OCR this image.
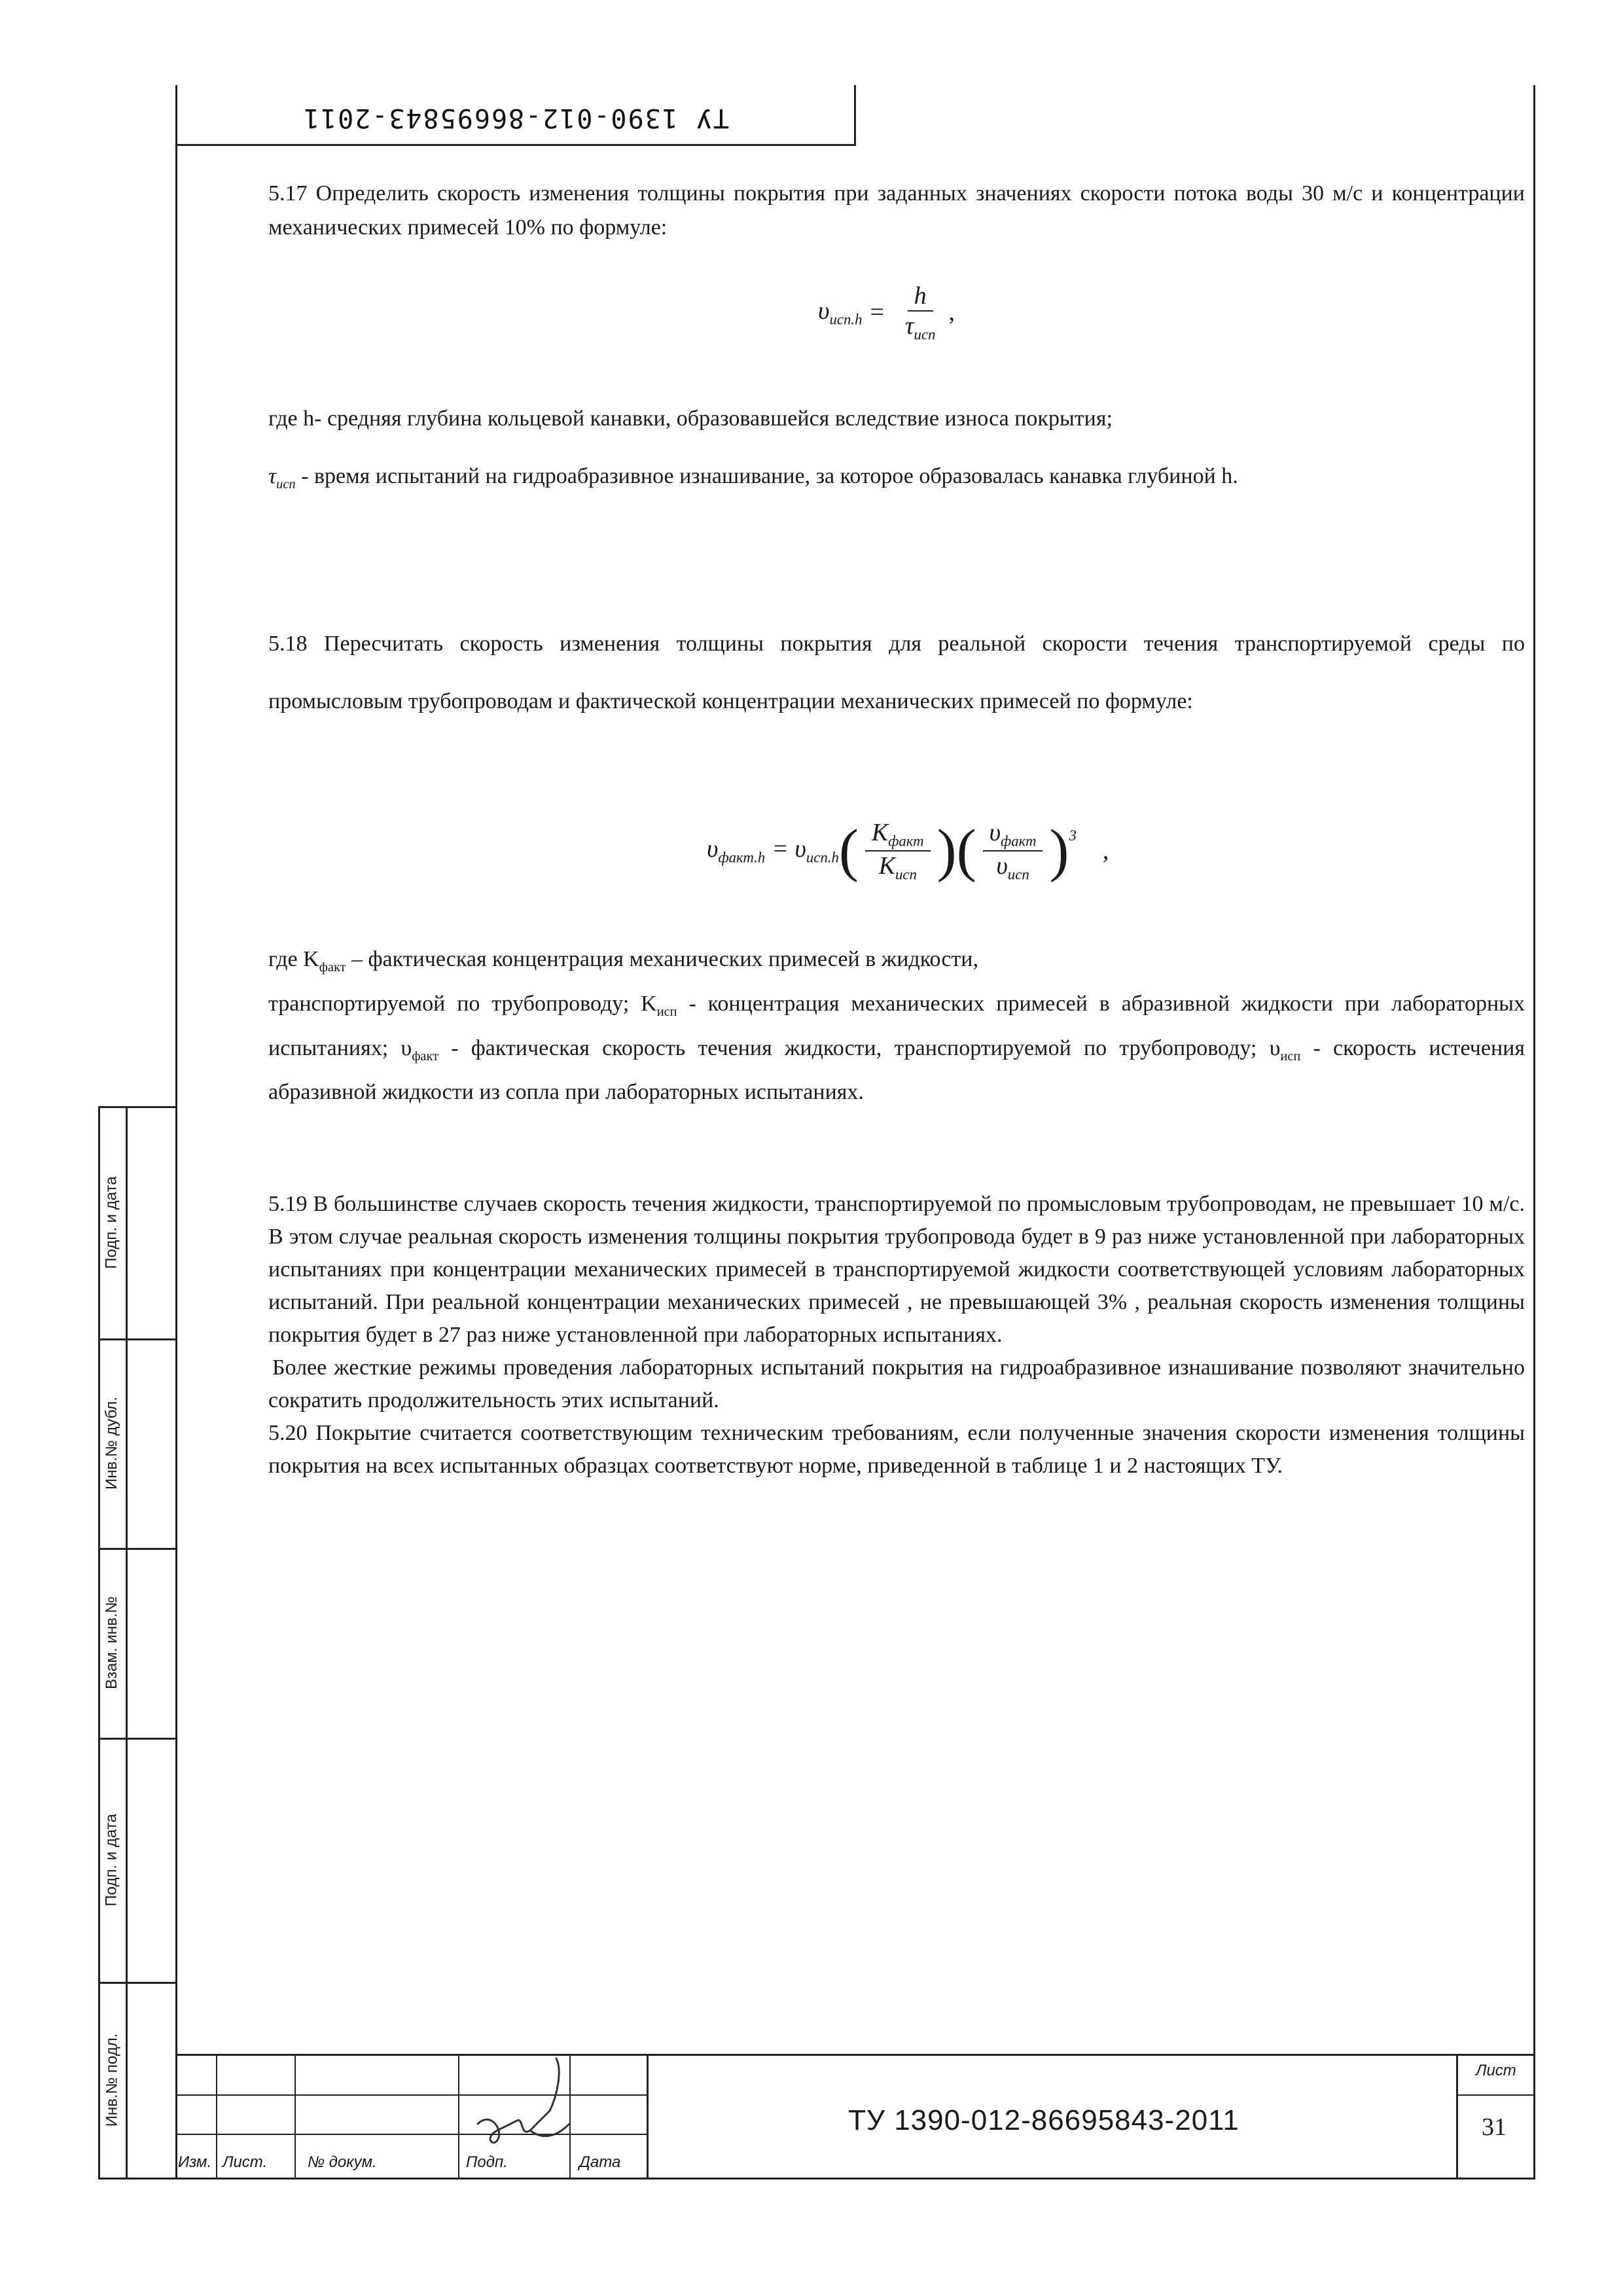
ТУ 1390-012-86695843-2011

5.17 Определить скорость изменения толщины покрытия при заданных значениях скорости потока воды 30 м/с и концентрации механических примесей 10% по формуле:

$\upsilon_{исп.h} = \frac{h}{\tau_{исп}}$ ,

где h- средняя глубина кольцевой канавки, образовавшейся вследствие износа покрытия;

$\tau_{исп}$ - время испытаний на гидроабразивное изнашивание, за которое образовалась канавка глубиной h.

5.18 Пересчитать скорость изменения толщины покрытия для реальной скорости течения транспортируемой среды по промысловым трубопроводам и фактической концентрации механических примесей по формуле:

$\upsilon_{факт.h} = \upsilon_{исп.h}$ ( $\frac{K_{факт}}{K_{исп}}$ ) ( $\frac{\upsilon_{факт}}{\upsilon_{исп}} )^3$
,

где $K_{факт}$ – фактическая концентрация механических примесей в жидкости,

транспортируемой по трубопроводу; $K_{исп}$ - концентрация механических примесей в абразивной жидкости при лабораторных испытаниях; $\upsilon_{факт}$ - фактическая скорость течения жидкости, транспортируемой по трубопроводу; $\upsilon_{исп}$ - скорость истечения абразивной жидкости из сопла при лабораторных испытаниях.

5.19 В большинстве случаев скорость течения жидкости, транспортируемой по промысловым трубопроводам, не превышает 10 м/с. В этом случае реальная скорость изменения толщины покрытия трубопровода будет в 9 раз ниже установленной при лабораторных испытаниях при концентрации механических примесей в транспортируемой жидкости соответствующей условиям лабораторных испытаний. При реальной концентрации механических примесей , не превышающей 3% , реальная скорость изменения толщины покрытия будет в 27 раз ниже установленной при лабораторных испытаниях.

Более жесткие режимы проведения лабораторных испытаний покрытия на гидроабразивное изнашивание позволяют значительно сократить продолжительность этих испытаний.

5.20 Покрытие считается соответствующим техническим требованиям, если полученные значения скорости изменения толщины покрытия на всех испытанных образцах соответствуют норме, приведенной в таблице 1 и 2 настоящих ТУ.

Подп. и дата
Инв.№ дубл.
Взам. инв.№
Подп. и дата
Инв.№ подл.
Изм. Лист.	№ докум.	Подп.	Дата
ТУ 1390-012-86695843-2011
Лист
31
